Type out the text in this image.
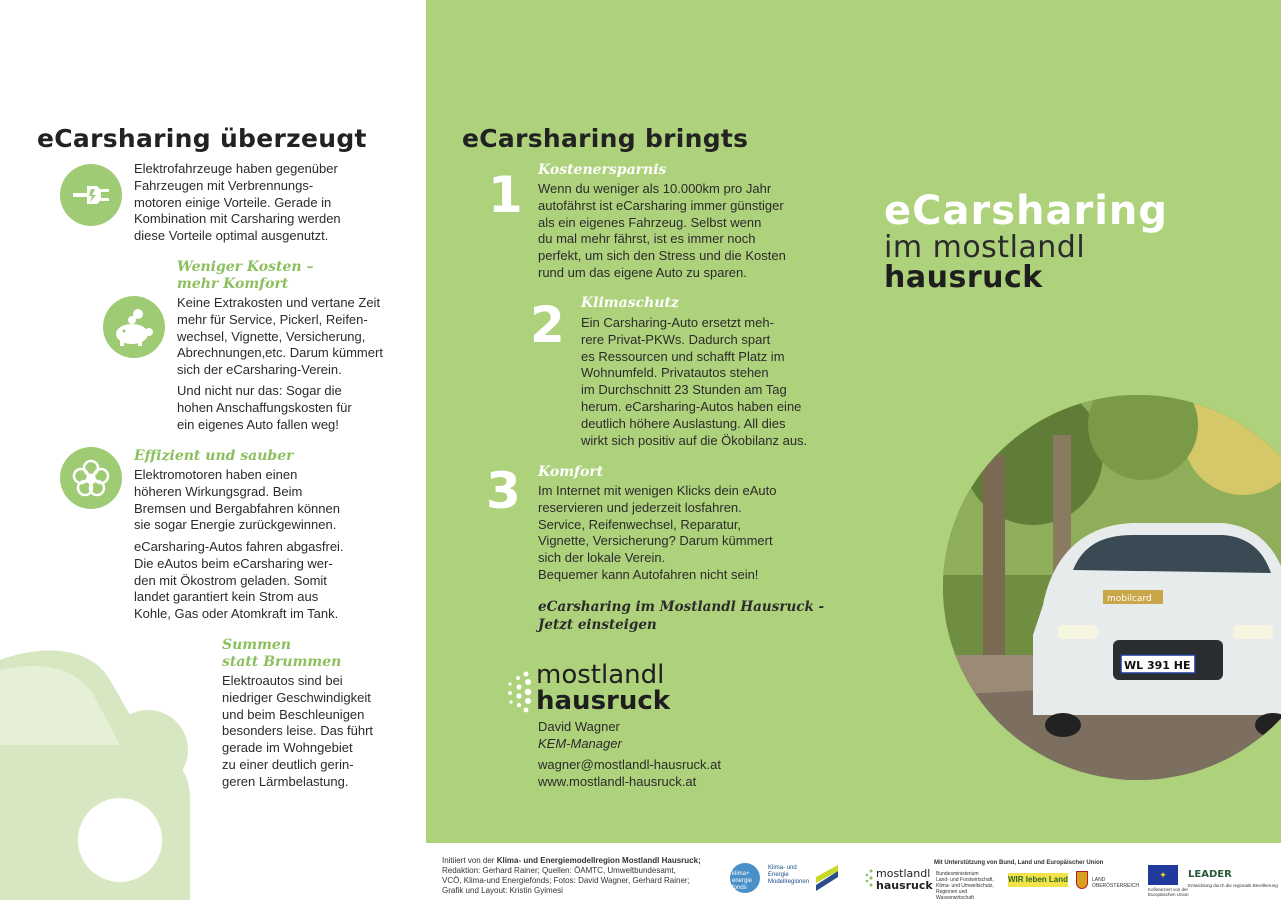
eCarsharing überzeugt
Elektrofahrzeuge haben gegenüber
Fahrzeugen mit Verbrennungs-
motoren einige Vorteile. Gerade in
Kombination mit Carsharing werden
diese Vorteile optimal ausgenutzt.
Weniger Kosten –
mehr Komfort
Keine Extrakosten und vertane Zeit
mehr für Service, Pickerl, Reifen-
wechsel, Vignette, Versicherung,
Abrechnungen,etc. Darum kümmert
sich der eCarsharing-Verein.
Und nicht nur das: Sogar die
hohen Anschaffungskosten für
ein eigenes Auto fallen weg!
Effizient und sauber
Elektromotoren haben einen
höheren Wirkungsgrad. Beim
Bremsen und Bergabfahren können
sie sogar Energie zurückgewinnen.
eCarsharing-Autos fahren abgasfrei.
Die eAutos beim eCarsharing wer-
den mit Ökostrom geladen. Somit
landet garantiert kein Strom aus
Kohle, Gas oder Atomkraft im Tank.
Summen
statt Brummen
Elektroautos sind bei
niedriger Geschwindigkeit
und beim Beschleunigen
besonders leise. Das führt
gerade im Wohngebiet
zu einer deutlich gerin-
geren Lärmbelastung.
eCarsharing bringts
1 Kostenersparnis
Wenn du weniger als 10.000km pro Jahr
autofährst ist eCarsharing immer günstiger
als ein eigenes Fahrzeug. Selbst wenn
du mal mehr fährst, ist es immer noch
perfekt, um sich den Stress und die Kosten
rund um das eigene Auto zu sparen.
2 Klimaschutz
Ein Carsharing-Auto ersetzt meh-
rere Privat-PKWs. Dadurch spart
es Ressourcen und schafft Platz im
Wohnumfeld. Privatautos stehen
im Durchschnitt 23 Stunden am Tag
herum. eCarsharing-Autos haben eine
deutlich höhere Auslastung. All dies
wirkt sich positiv auf die Ökobilanz aus.
3 Komfort
Im Internet mit wenigen Klicks dein eAuto
reservieren und jederzeit losfahren.
Service, Reifenwechsel, Reparatur,
Vignette, Versicherung? Darum kümmert
sich der lokale Verein.
Bequemer kann Autofahren nicht sein!
eCarsharing im Mostlandl Hausruck -
Jetzt einsteigen
mostlandl
hausruck
David Wagner
KEM-Manager
wagner@mostlandl-hausruck.at
www.mostlandl-hausruck.at
eCarsharing
im mostlandl
hausruck
WL 391 HE
mobilcard
Initiiert von der Klima- und Energiemodellregion Mostlandl Hausruck;
Redaktion: Gerhard Rainer; Quellen: ÖAMTC, Umweltbundesamt,
VCÖ, Klima-und Energiefonds; Fotos: David Wagner, Gerhard Rainer;
Grafik und Layout: Kristin Gyimesi
klima+ energie fonds
Klima- und Energie Modellregionen
mostlandl
hausruck
Mit Unterstützung von Bund, Land und Europäischer Union
Bundesministerium
Land- und Forstwirtschaft,
Klima- und Umweltschutz,
Regionen und Wasserwirtschaft
WIR leben Land	LAND
OBERÖSTERREICH
✦
Kofinanziert von der
Europäischen Union
LEADER
Entwicklung durch die regionale Bevölkerung
